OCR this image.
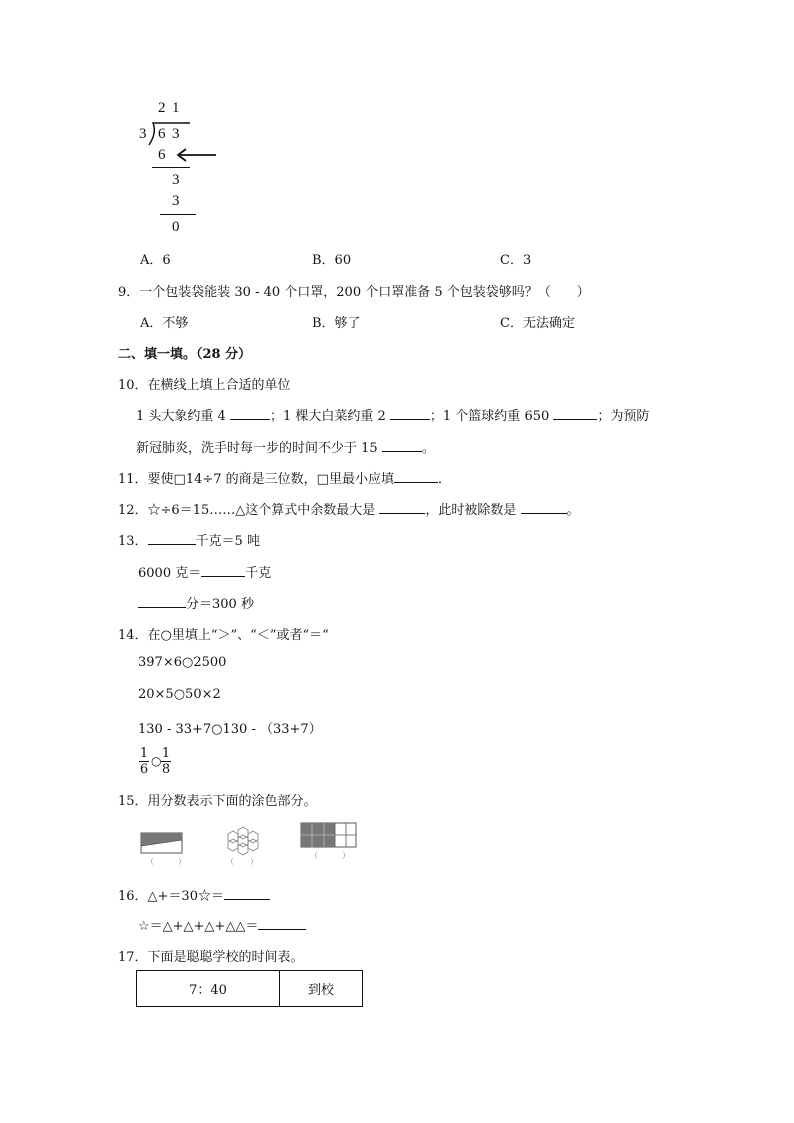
2 1
3 6 3
6
3
3
0
A．6	B．60	C．3
9．一个包装袋能装 30 - 40 个口罩，200 个口罩准备 5 个包装袋够吗？（　　）
A．不够	B．够了	C．无法确定
二、填一填。（28 分）
10．在横线上填上合适的单位
1 头大象约重 4	；1 棵大白菜约重 2	；1 个篮球约重 650	；为预防
新冠肺炎，洗手时每一步的时间不少于 15	。
11．要使□14÷7 的商是三位数，□里最小应填	．
12．☆÷6＝15……△这个算式中余数最大是	，此时被除数是	。
13．	千克＝5 吨
6000 克＝	千克
分＝300 秒
14．在○里填上“＞”、“＜”或者“＝“
397×6○2500
20×5○50×2
130 - 33+7○130 - （33+7）
$\frac{1}{6}$ ○ $\frac{1}{8}$
15．用分数表示下面的涂色部分。
（　　　）	（　　）
（　　　）
16．△+＝30☆＝
☆＝△+△+△+△△＝
17．下面是聪聪学校的时间表。
7：40	到校
